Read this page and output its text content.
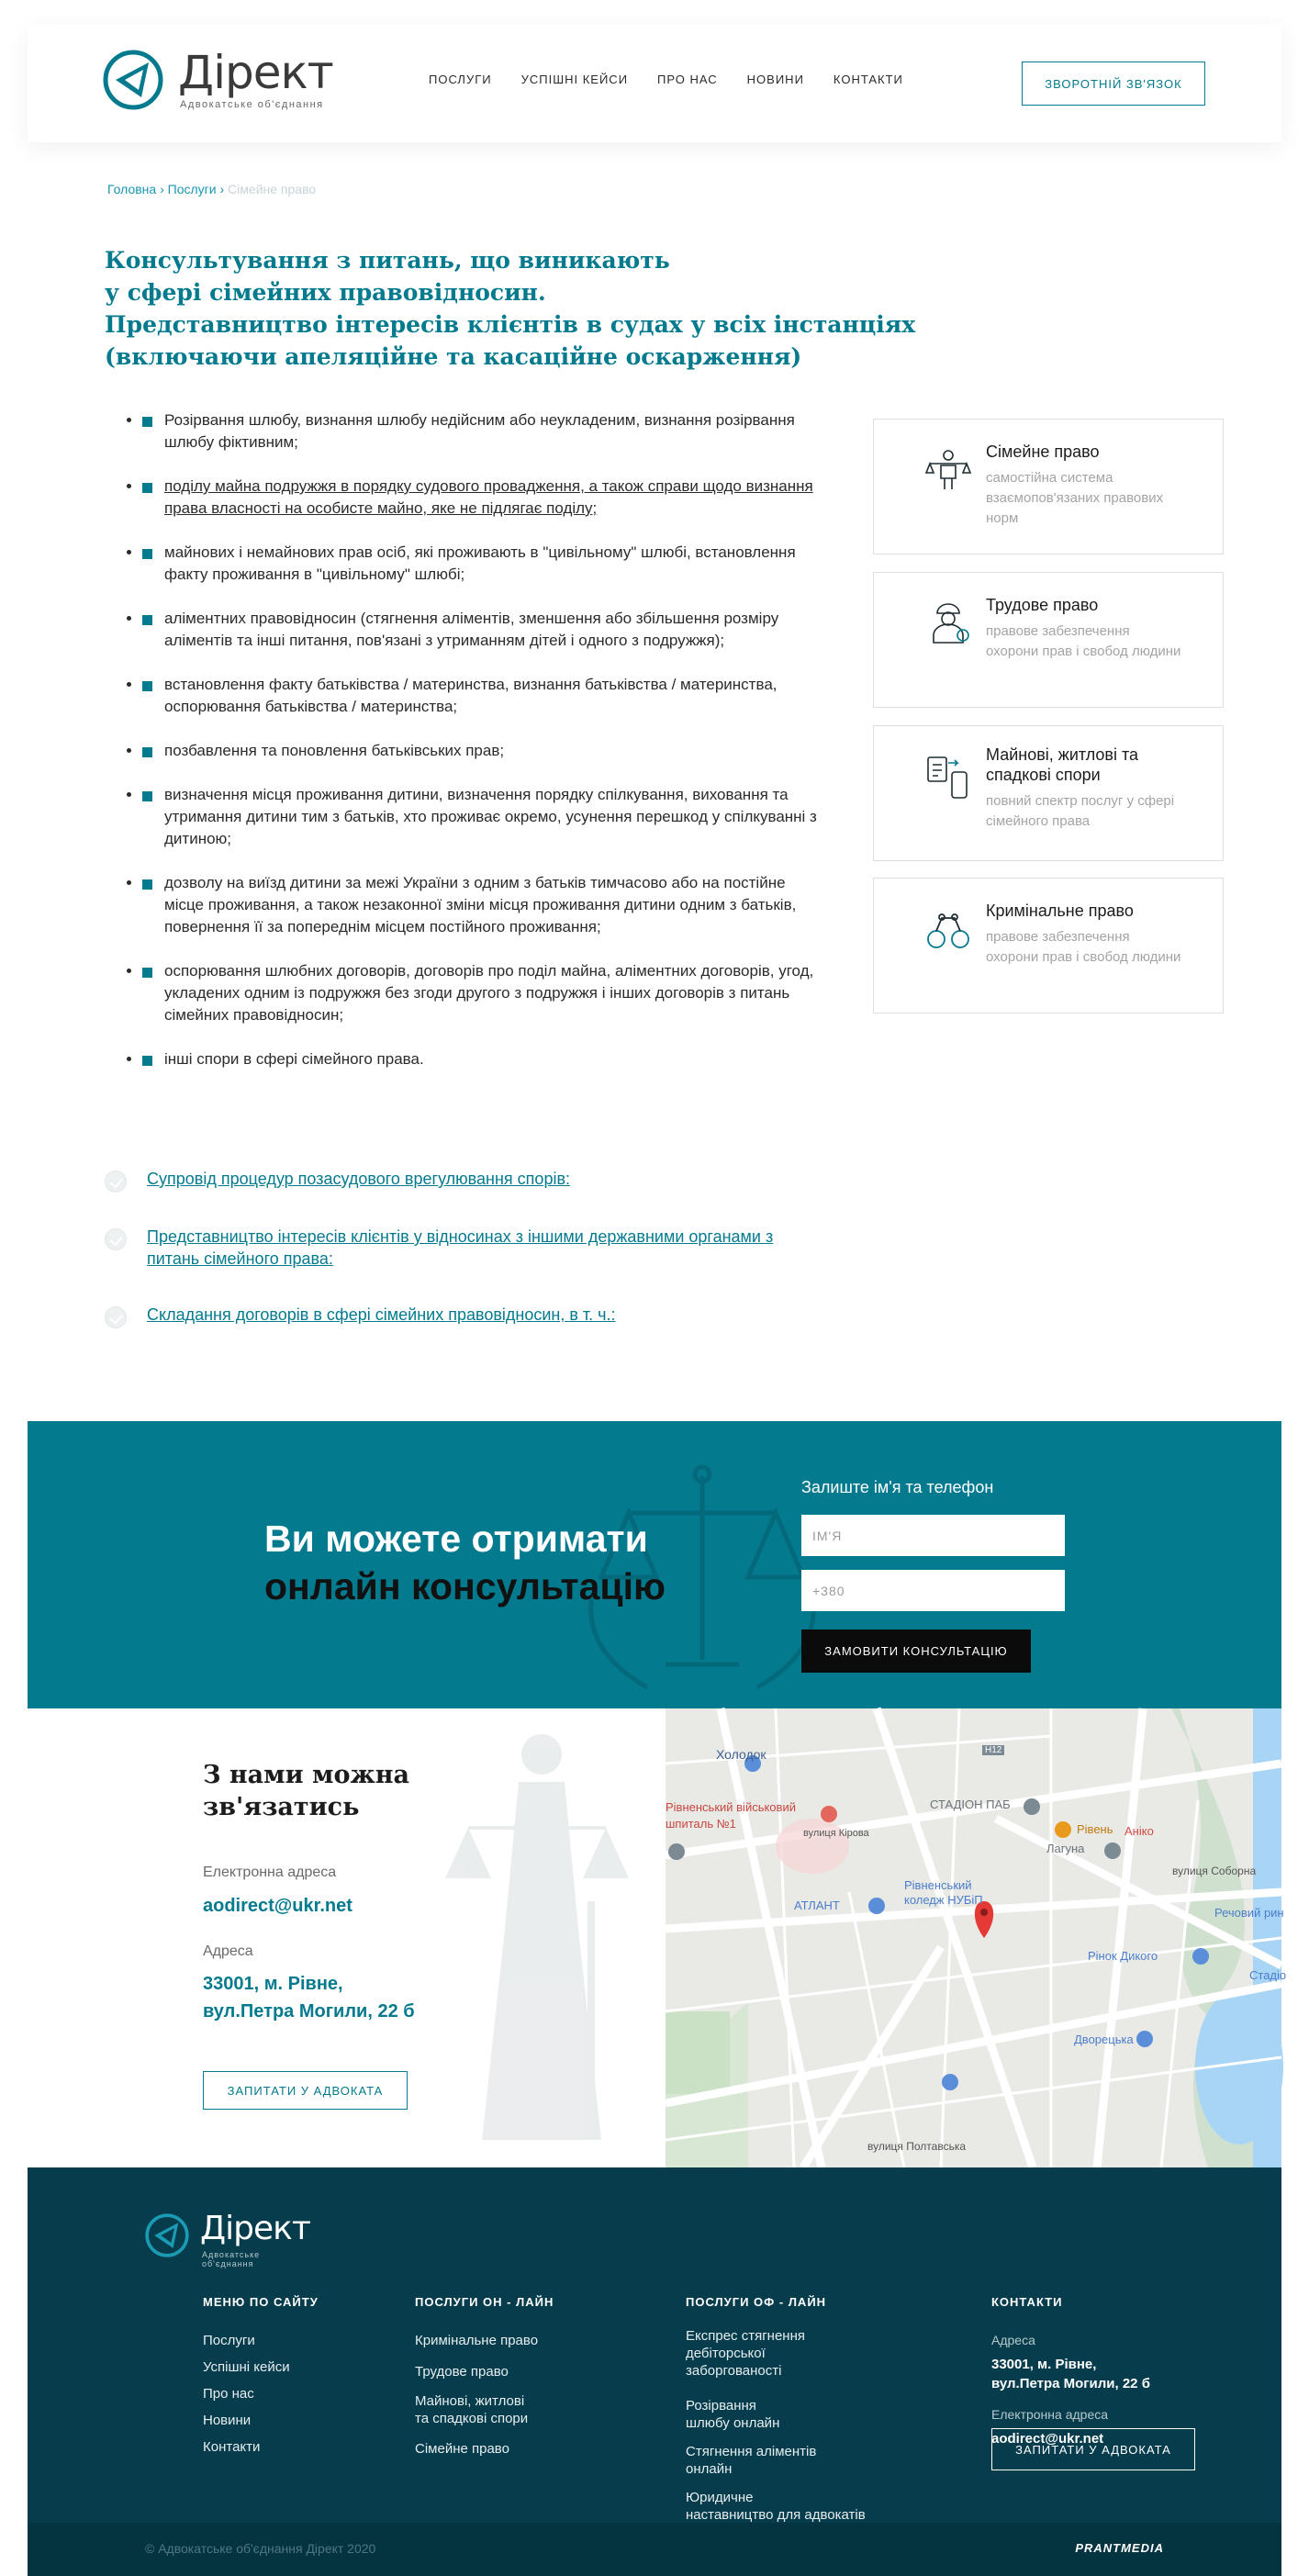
Дірект
Адвокатське об'єднання
ПОСЛУГИ УСПІШНІ КЕЙСИ ПРО НАС НОВИНИ КОНТАКТИ	ЗВОРОТНІЙ ЗВ'ЯЗОК
Головна › Послуги › Сімейне право
Консультування з питань, що виникають
у сфері сімейних правовідносин.
Представництво інтересів клієнтів в судах у всіх інстанціях
(включаючи апеляційне та касаційне оскарження)
• Розірвання шлюбу, визнання шлюбу недійсним або неукладеним, визнання розірвання шлюбу фіктивним;
• поділу майна подружжя в порядку судового провадження, а також справи щодо визнання права власності на особисте майно, яке не підлягає поділу;
• майнових і немайнових прав осіб, які проживають в "цивільному" шлюбі, встановлення факту проживання в "цивільному" шлюбі;
• аліментних правовідносин (стягнення аліментів, зменшення або збільшення розміру аліментів та інші питання, пов'язані з утриманням дітей і одного з подружжя);
• встановлення факту батьківства / материнства, визнання батьківства / материнства, оспорювання батьківства / материнства;
• позбавлення та поновлення батьківських прав;
• визначення місця проживання дитини, визначення порядку спілкування, виховання та утримання дитини тим з батьків, хто проживає окремо, усунення перешкод у спілкуванні з дитиною;
• дозволу на виїзд дитини за межі України з одним з батьків тимчасово або на постійне місце проживання, а також незаконної зміни місця проживання дитини одним з батьків, повернення її за попереднім місцем постійного проживання;
• оспорювання шлюбних договорів, договорів про поділ майна, аліментних договорів, угод, укладених одним із подружжя без згоди другого з подружжя і інших договорів з питань сімейних правовідносин;
• інші спори в сфері сімейного права.
Сімейне право
самостійна система взаємопов'язаних правових норм
Трудове право
правове забезпечення охорони прав і свобод людини
Майнові, житлові та спадкові спори
повний спектр послуг у сфері сімейного права
Кримінальне право
правове забезпечення охорони прав і свобод людини
Супровід процедур позасудового врегулювання спорів:
Представництво інтересів клієнтів у відносинах з іншими державними органами з питань сімейного права:
Складання договорів в сфері сімейних правовідносин, в т. ч.:
Ви можете отримати
онлайн консультацію
Залиште ім'я та телефон
ІМ'Я
+380
ЗАМОВИТИ КОНСУЛЬТАЦІЮ
З нами можна
зв'язатись
Електронна адреса
aodirect@ukr.net
Адреса
33001, м. Рівне,
вул.Петра Могили, 22 б
ЗАПИТАТИ У АДВОКАТА
Холодок
Рівненський військовий
шпиталь №1
СТАДІОН ПАБ
Рівень Аніко
Лагуна
вулиця Соборна
АТЛАНТ
Рівненський
коледж НУБіП
Рінок Дикого
Речовий рин
Стадіо
Дворецька
вулиця Полтавська
вулиця Кірова
Н12
Дірект
Адвокатське об'єднання
МЕНЮ ПО САЙТУ
Послуги
Успішні кейси
Про нас
Новини
Контакти
ПОСЛУГИ ОН - ЛАЙН
Кримінальне право
Трудове право
Майнові, житлові
та спадкові спори
Сімейне право
ПОСЛУГИ ОФ - ЛАЙН
Експрес стягнення
дебіторської
заборгованості
Розірвання
шлюбу онлайн
Стягнення аліментів
онлайн
Юридичне
наставництво для адвокатів
КОНТАКТИ
Адреса
33001, м. Рівне,
вул.Петра Могили, 22 б
Електронна адреса
aodirect@ukr.net
ЗАПИТАТИ У АДВОКАТА
© Адвокатське об'єднання Дірект 2020	PRANTMEDIA
